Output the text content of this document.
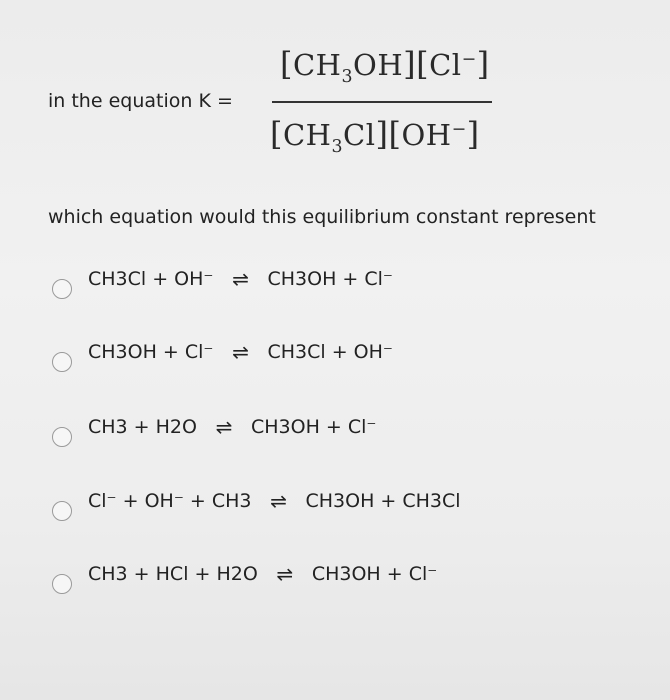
in the equation K =
$[CH_3OH][Cl^-]$
$[CH_3Cl][OH^-]$
which equation would this equilibrium constant represent
CH3Cl + OH⁻ ⇌ CH3OH + Cl⁻
CH3OH + Cl⁻ ⇌ CH3Cl + OH⁻
CH3 + H2O ⇌ CH3OH + Cl⁻
Cl⁻ + OH⁻ + CH3 ⇌ CH3OH + CH3Cl
CH3 + HCl + H2O ⇌ CH3OH + Cl⁻
